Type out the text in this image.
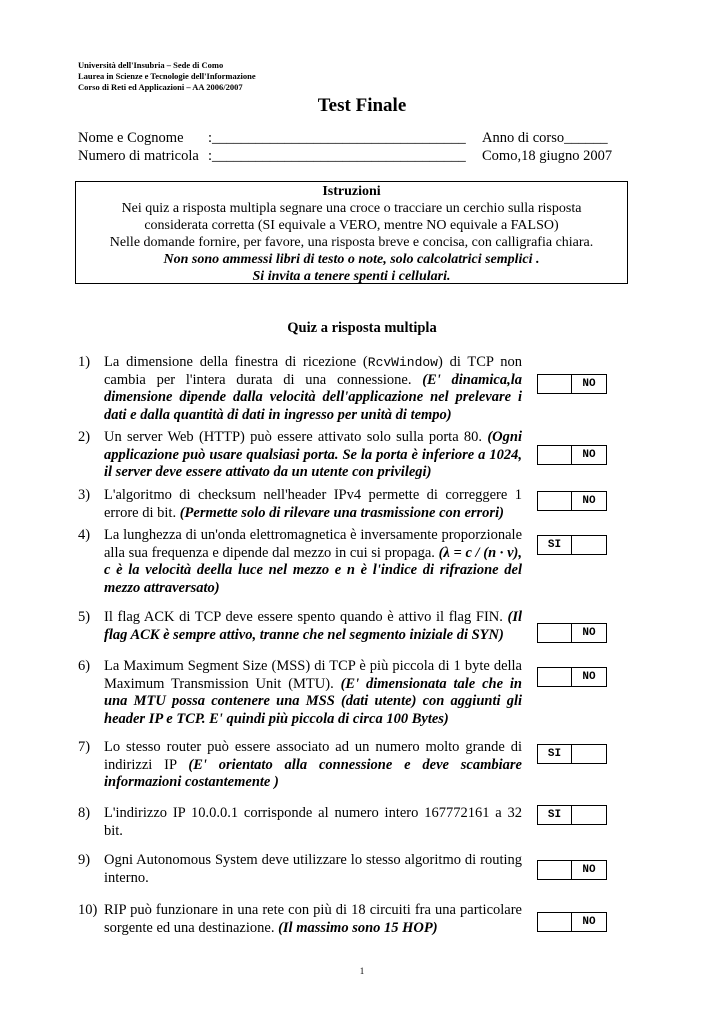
Università dell'Insubria – Sede di Como
Laurea in Scienze e Tecnologie dell'Informazione
Corso di Reti ed Applicazioni – AA 2006/2007
Test Finale
Nome e Cognome :___________________________________ Anno di corso______
Numero di matricola :___________________________________ Como,18 giugno 2007
Istruzioni
Nei quiz a risposta multipla segnare una croce o tracciare un cerchio sulla risposta
considerata corretta (SI equivale a VERO, mentre NO equivale a FALSO)
Nelle domande fornire, per favore, una risposta breve e concisa, con calligrafia chiara.
Non sono ammessi libri di testo o note, solo calcolatrici semplici .
Si invita a tenere spenti i cellulari.
Quiz a risposta multipla
1) La dimensione della finestra di ricezione (RcvWindow) di TCP non cambia per l'intera durata di una connessione. (E' dinamica,la dimensione dipende dalla velocità dell'applicazione nel prelevare i dati e dalla quantità di dati in ingresso per unità di tempo)
NO
2) Un server Web (HTTP) può essere attivato solo sulla porta 80. (Ogni applicazione può usare qualsiasi porta. Se la porta è inferiore a 1024, il server deve essere attivato da un utente con privilegi)
NO
3) L'algoritmo di checksum nell'header IPv4 permette di correggere 1 errore di bit. (Permette solo di rilevare una trasmissione con errori)
NO
4) La lunghezza di un'onda elettromagnetica è inversamente proporzionale alla sua frequenza e dipende dal mezzo in cui si propaga. (λ = c / (n · ν), c è la velocità deella luce nel mezzo e n è l'indice di rifrazione del mezzo attraversato)
SI
5) Il flag ACK di TCP deve essere spento quando è attivo il flag FIN. (Il flag ACK è sempre attivo, tranne che nel segmento iniziale di SYN)	NO
6) La Maximum Segment Size (MSS) di TCP è più piccola di 1 byte della Maximum Transmission Unit (MTU). (E' dimensionata tale che in una MTU possa contenere una MSS (dati utente) con aggiunti gli header IP e TCP. E' quindi più piccola di circa 100 Bytes)
NO
7) Lo stesso router può essere associato ad un numero molto grande di indirizzi IP (E' orientato alla connessione e deve scambiare informazioni costantemente )
SI
8) L'indirizzo IP 10.0.0.1 corrisponde al numero intero 167772161 a 32 bit.
SI
9) Ogni Autonomous System deve utilizzare lo stesso algoritmo di routing interno.	NO
10) RIP può funzionare in una rete con più di 18 circuiti fra una particolare sorgente ed una destinazione. (Il massimo sono 15 HOP)	NO
1
